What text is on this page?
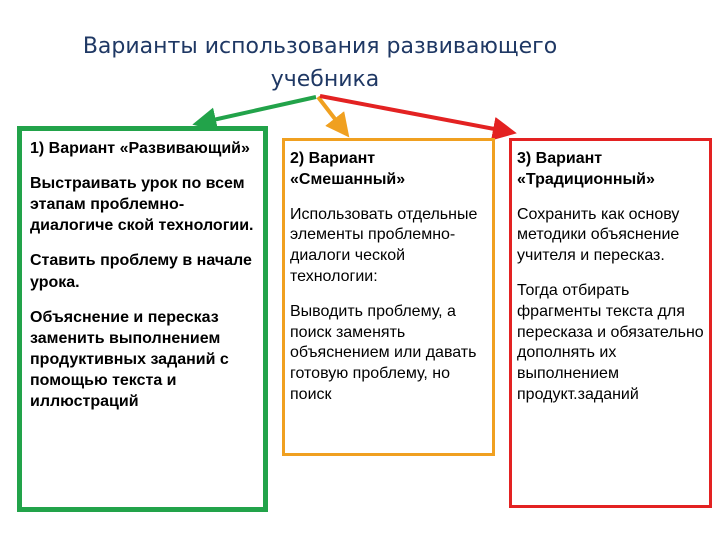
Варианты использования развивающего
учебника

1) Вариант «Развивающий»

Выстраивать урок по всем этапам проблемно-диалогиче ской технологии.

Ставить проблему в начале урока.

Объяснение и пересказ заменить выполнением продуктивных заданий с помощью текста и иллюстраций

2) Вариант «Смешанный»

Использовать отдельные элементы проблемно-диалоги ческой технологии:

Выводить проблему, а поиск заменять объяснением или давать готовую проблему, но поиск

3) Вариант «Традиционный»

Сохранить как основу методики объяснение учителя и пересказ.

Тогда отбирать фрагменты текста для пересказа и обязательно дополнять их выполнением продукт.заданий
